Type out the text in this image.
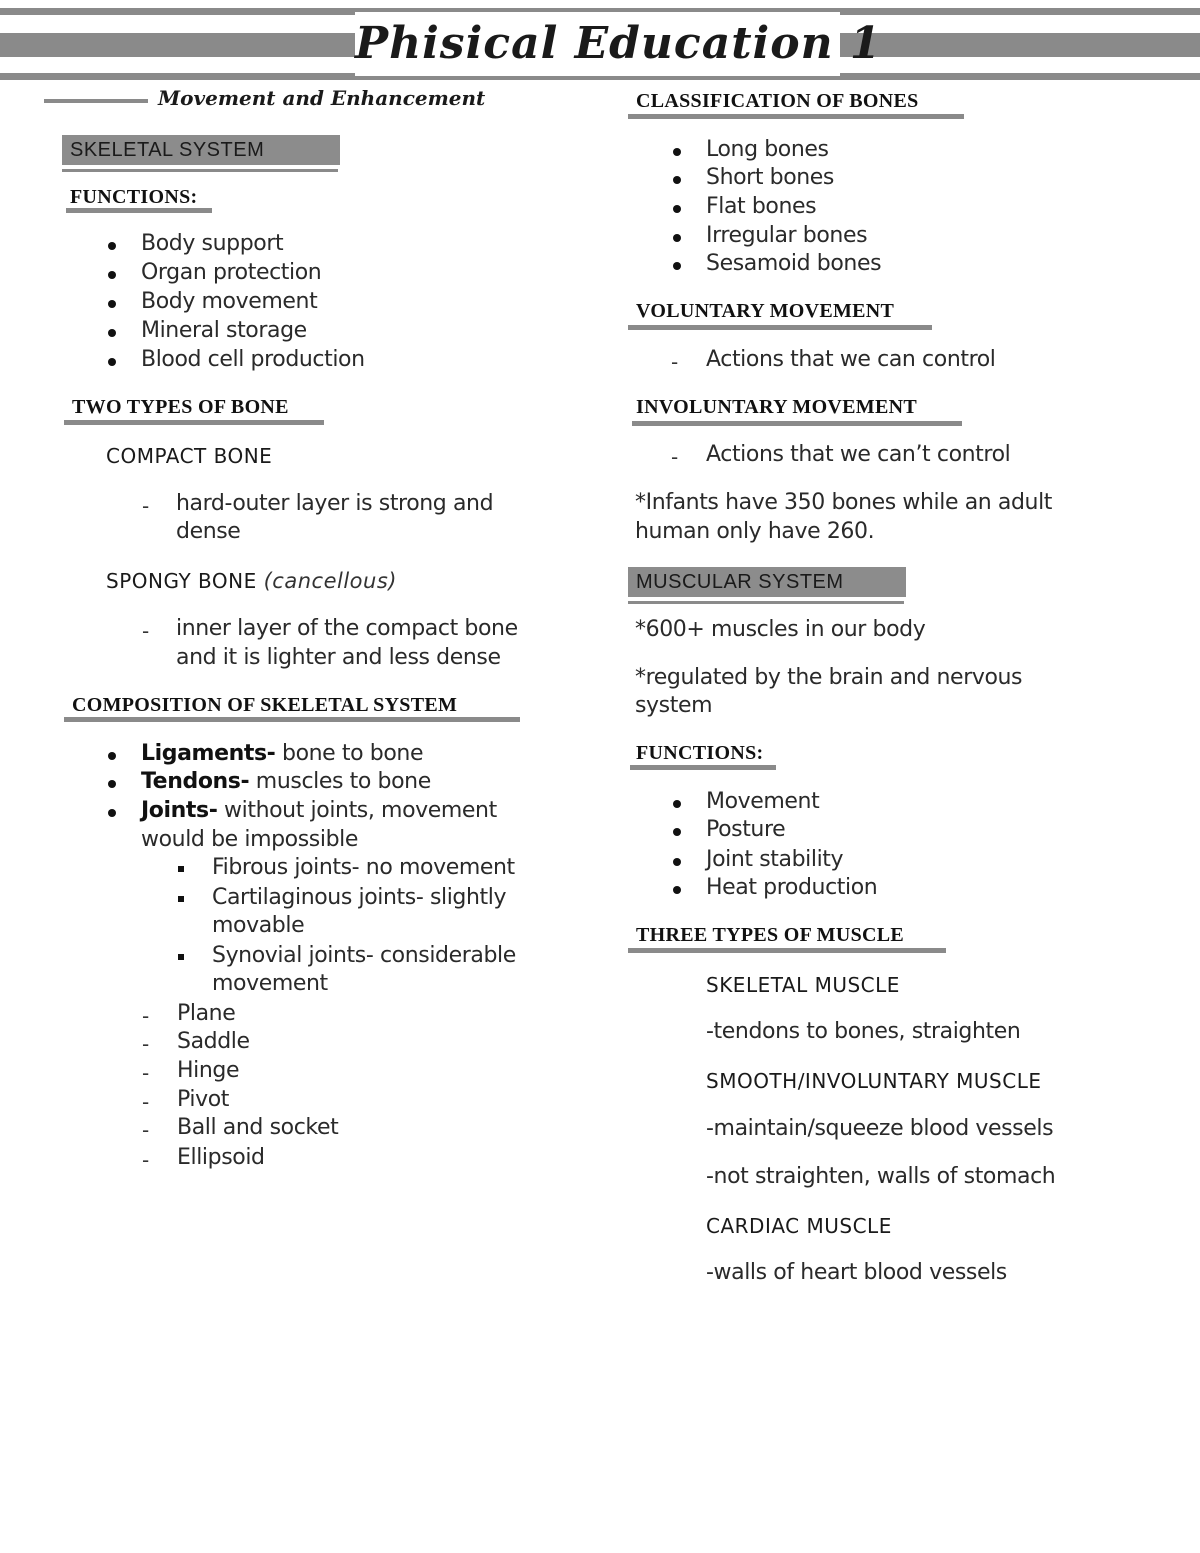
Phisical Education 1
Movement and Enhancement
SKELETAL SYSTEM
FUNCTIONS:
Body support
Organ protection
Body movement
Mineral storage
Blood cell production
TWO TYPES OF BONE
COMPACT BONE
- hard-outer layer is strong and
dense
SPONGY BONE (cancellous)
- inner layer of the compact bone
and it is lighter and less dense
COMPOSITION OF SKELETAL SYSTEM
Ligaments- bone to bone
Tendons- muscles to bone
Joints- without joints, movement
would be impossible
Fibrous joints- no movement
Cartilaginous joints- slightly
movable
Synovial joints- considerable
movement
- Plane
- Saddle
- Hinge
- Pivot
- Ball and socket
- Ellipsoid
CLASSIFICATION OF BONES
Long bones
Short bones
Flat bones
Irregular bones
Sesamoid bones
VOLUNTARY MOVEMENT
- Actions that we can control
INVOLUNTARY MOVEMENT
- Actions that we can’t control
*Infants have 350 bones while an adult
human only have 260.
MUSCULAR SYSTEM
*600+ muscles in our body
*regulated by the brain and nervous
system
FUNCTIONS:
Movement
Posture
Joint stability
Heat production
THREE TYPES OF MUSCLE
SKELETAL MUSCLE
-tendons to bones, straighten
SMOOTH/INVOLUNTARY MUSCLE
-maintain/squeeze blood vessels
-not straighten, walls of stomach
CARDIAC MUSCLE
-walls of heart blood vessels
